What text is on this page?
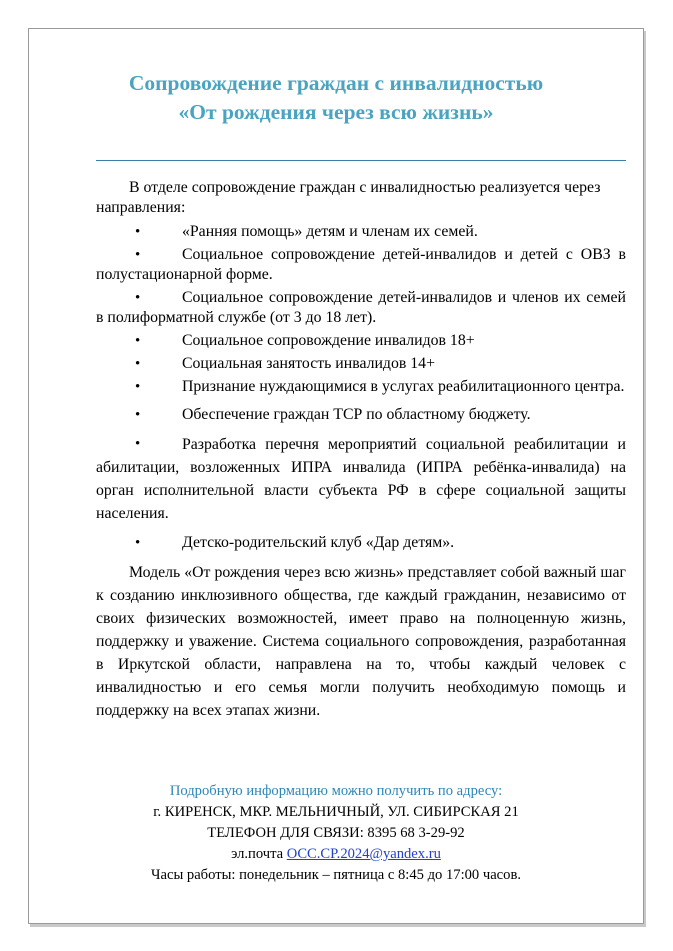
Сопровождение граждан с инвалидностью
«От рождения через всю жизнь»

В отделе сопровождение граждан с инвалидностью реализуется через направления:

•	«Ранняя помощь» детям и членам их семей.

•	Социальное сопровождение детей-инвалидов и детей с ОВЗ в полустационарной форме.

•	Социальное сопровождение детей-инвалидов и членов их семей в полиформатной службе (от 3 до 18 лет).

•	Социальное сопровождение инвалидов 18+

•	Социальная занятость инвалидов 14+

•	Признание нуждающимися в услугах реабилитационного центра.

•	Обеспечение граждан ТСР по областному бюджету.

•	Разработка перечня мероприятий социальной реабилитации и абилитации, возложенных ИПРА инвалида (ИПРА ребёнка-инвалида) на орган исполнительной власти субъекта РФ в сфере социальной защиты населения.

•	Детско-родительский клуб «Дар детям».

Модель «От рождения через всю жизнь» представляет собой важный шаг к созданию инклюзивного общества, где каждый гражданин, независимо от своих физических возможностей, имеет право на полноценную жизнь, поддержку и уважение. Система социального сопровождения, разработанная в Иркутской области, направлена на то, чтобы каждый человек с инвалидностью и его семья могли получить необходимую помощь и поддержку на всех этапах жизни.

Подробную информацию можно получить по адресу:
г. КИРЕНСК, МКР. МЕЛЬНИЧНЫЙ, УЛ. СИБИРСКАЯ 21
ТЕЛЕФОН ДЛЯ СВЯЗИ: 8395 68 3-29-92
эл.почта OCC.CP.2024@yandex.ru
Часы работы: понедельник – пятница с 8:45 до 17:00 часов.
